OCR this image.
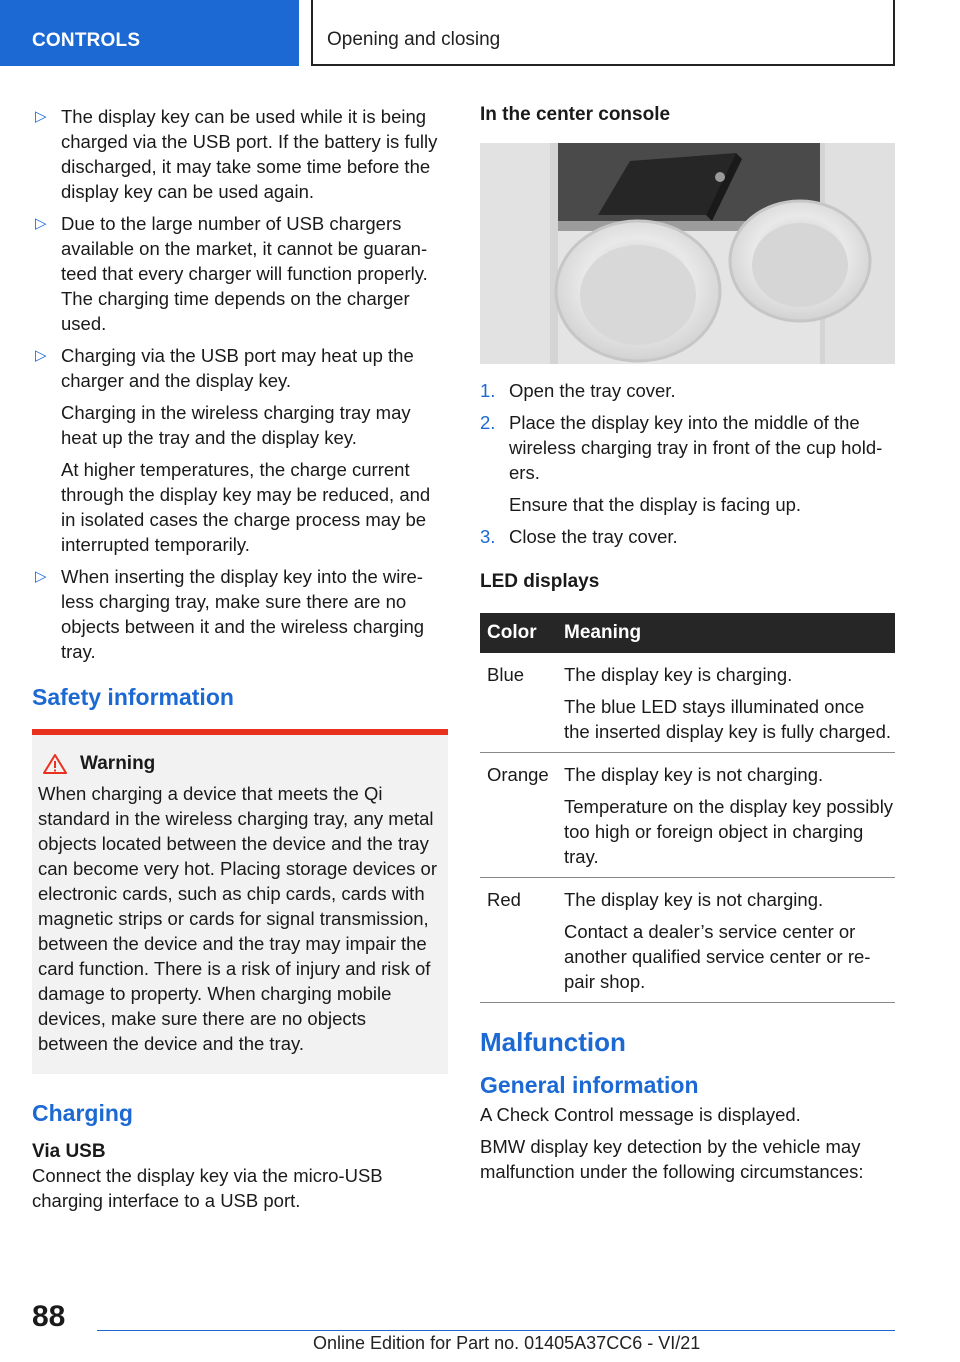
CONTROLS	Opening and closing
▷ The display key can be used while it is being charged via the USB port. If the battery is fully discharged, it may take some time before the display key can be used again.
▷ Due to the large number of USB chargers available on the market, it cannot be guaranteed that every charger will function properly. The charging time depends on the charger used.
▷ Charging via the USB port may heat up the charger and the display key.
Charging in the wireless charging tray may heat up the tray and the display key.
At higher temperatures, the charge current through the display key may be reduced, and in isolated cases the charge process may be interrupted temporarily.
▷ When inserting the display key into the wireless charging tray, make sure there are no objects between it and the wireless charging tray.
Safety information
Warning
When charging a device that meets the Qi standard in the wireless charging tray, any metal objects located between the device and the tray can become very hot. Placing storage devices or electronic cards, such as chip cards, cards with magnetic strips or cards for signal transmission, between the device and the tray may impair the card function. There is a risk of injury and risk of damage to property. When charging mobile devices, make sure there are no objects between the device and the tray.
Charging
Via USB
Connect the display key via the micro-USB charging interface to a USB port.
In the center console
1. Open the tray cover.
2. Place the display key into the middle of the wireless charging tray in front of the cup holders.
Ensure that the display is facing up.
3. Close the tray cover.
LED displays
Color	Meaning
Blue	The display key is charging.
The blue LED stays illuminated once the inserted display key is fully charged.

Orange	The display key is not charging.
Temperature on the display key possibly too high or foreign object in charging tray.

Red	The display key is not charging.
Contact a dealer’s service center or another qualified service center or repair shop.
Malfunction
General information
A Check Control message is displayed.
BMW display key detection by the vehicle may malfunction under the following circumstances:
88
Online Edition for Part no. 01405A37CC6 - VI/21
